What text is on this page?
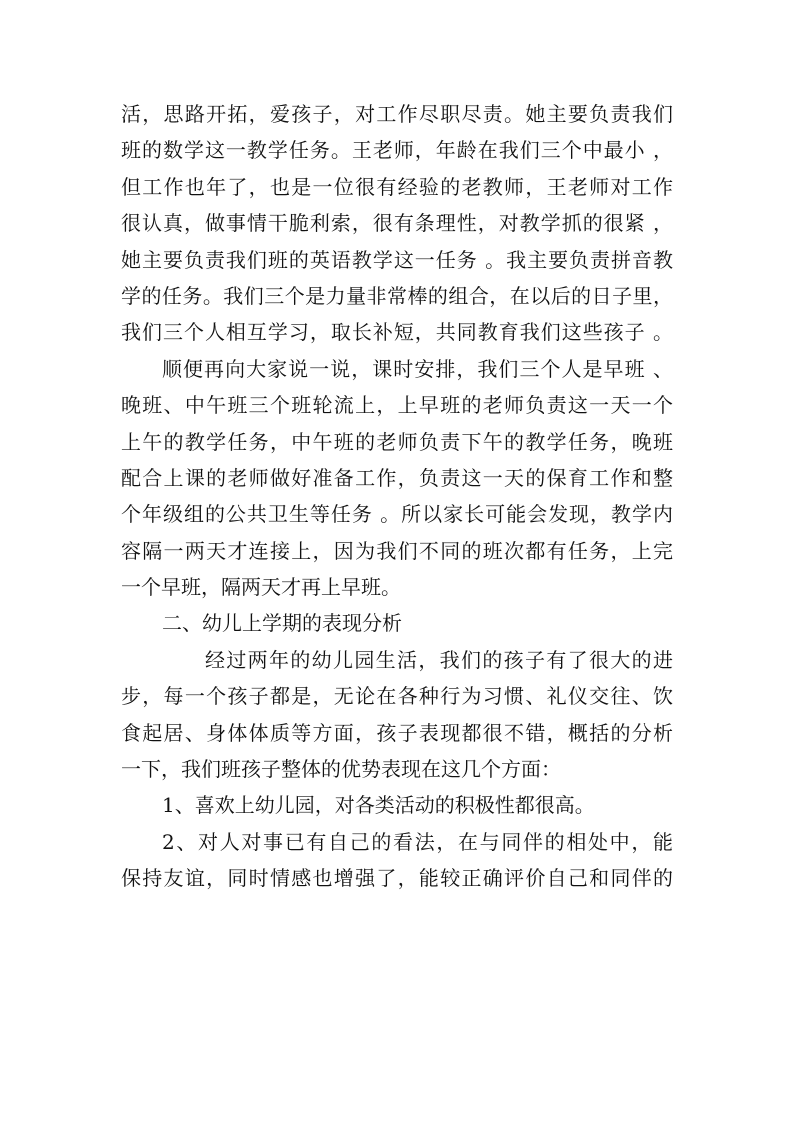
活，思路开拓，爱孩子，对工作尽职尽责。她主要负责我们
班的数学这一教学任务。王老师，年龄在我们三个中最小 ，
但工作也年了，也是一位很有经验的老教师，王老师对工作
很认真，做事情干脆利索，很有条理性，对教学抓的很紧 ，
她主要负责我们班的英语教学这一任务 。我主要负责拼音教
学的任务。我们三个是力量非常棒的组合，在以后的日子里，
我们三个人相互学习，取长补短，共同教育我们这些孩子 。
顺便再向大家说一说，课时安排，我们三个人是早班 、
晚班、中午班三个班轮流上，上早班的老师负责这一天一个
上午的教学任务，中午班的老师负责下午的教学任务，晚班
配合上课的老师做好准备工作，负责这一天的保育工作和整
个年级组的公共卫生等任务 。所以家长可能会发现，教学内
容隔一两天才连接上，因为我们不同的班次都有任务，上完
一个早班，隔两天才再上早班。
二、幼儿上学期的表现分析
经过两年的幼儿园生活，我们的孩子有了很大的进
步，每一个孩子都是，无论在各种行为习惯、礼仪交往、饮
食起居、身体体质等方面，孩子表现都很不错，概括的分析
一下，我们班孩子整体的优势表现在这几个方面：
1、喜欢上幼儿园，对各类活动的积极性都很高。
2、对人对事已有自己的看法，在与同伴的相处中，能
保持友谊，同时情感也增强了，能较正确评价自己和同伴的
